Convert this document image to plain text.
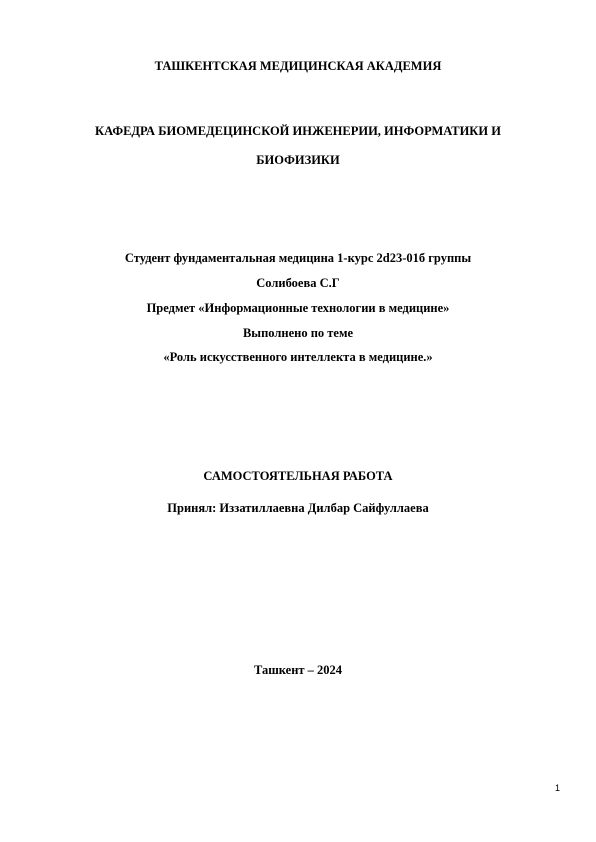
ТАШКЕНТСКАЯ МЕДИЦИНСКАЯ АКАДЕМИЯ
КАФЕДРА БИОМЕДЕЦИНСКОЙ ИНЖЕНЕРИИ, ИНФОРМАТИКИ И
БИОФИЗИКИ
Студент фундаментальная медицина 1-курс 2d23-01б группы
Солибоева С.Г
Предмет «Информационные технологии в медицине»
Выполнено по теме
«Роль искусственного интеллекта в медицине.»
САМОСТОЯТЕЛЬНАЯ РАБОТА
Принял: Иззатиллаевна Дилбар Сайфуллаева
Ташкент – 2024
1
